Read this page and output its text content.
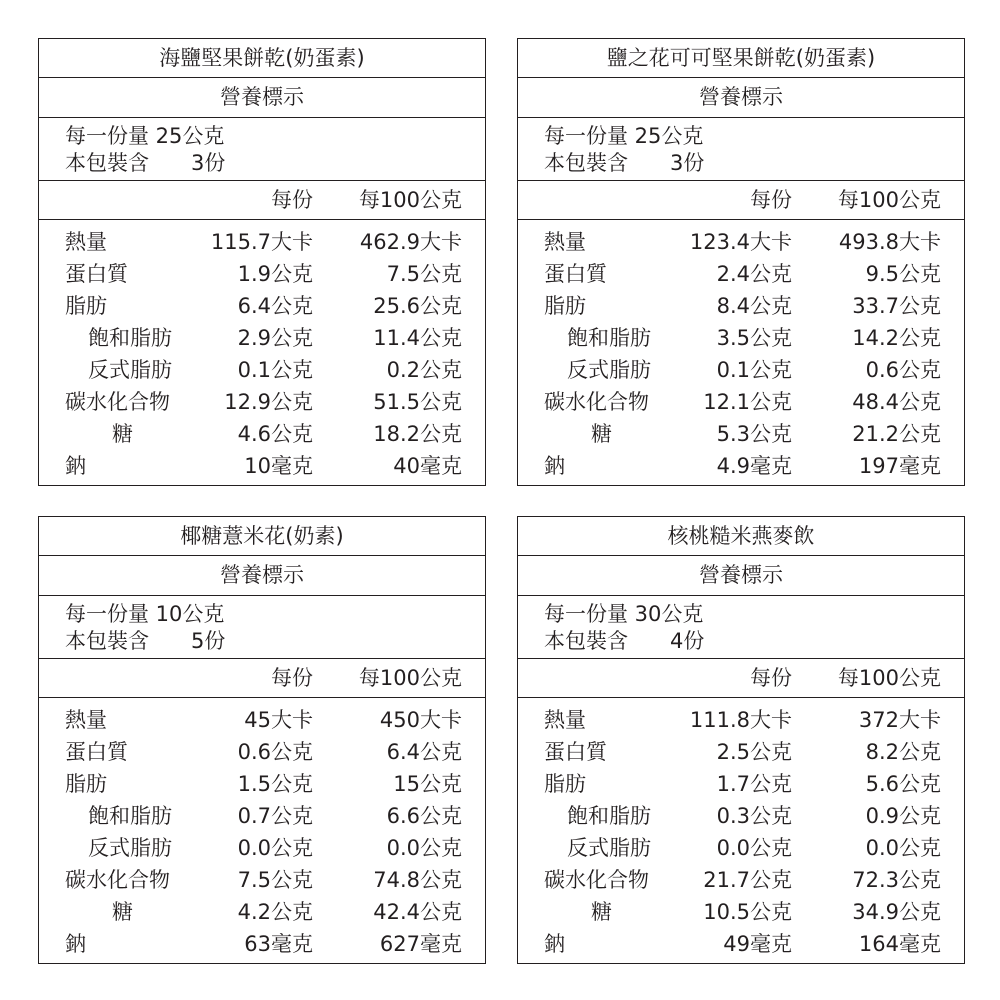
海鹽堅果餅乾(奶蛋素)
營養標示
每一份量 25公克
本包裝含 3份
每份 每100公克
熱量	115.7大卡 462.9大卡
蛋白質	1.9公克	7.5公克
脂肪	6.4公克	25.6公克
飽和脂肪	2.9公克	11.4公克
反式脂肪	0.1公克	0.2公克
碳水化合物	12.9公克	51.5公克
糖	4.6公克	18.2公克
鈉	10毫克	40毫克
鹽之花可可堅果餅乾(奶蛋素)
營養標示
每一份量 25公克
本包裝含 3份
每份 每100公克
熱量	123.4大卡 493.8大卡
蛋白質	2.4公克	9.5公克
脂肪	8.4公克	33.7公克
飽和脂肪	3.5公克	14.2公克
反式脂肪	0.1公克	0.6公克
碳水化合物	12.1公克	48.4公克
糖	5.3公克	21.2公克
鈉	4.9毫克	197毫克
椰糖薏米花(奶素)
營養標示
每一份量 10公克
本包裝含 5份
每份 每100公克
熱量	45大卡	450大卡
蛋白質	0.6公克	6.4公克
脂肪	1.5公克	15公克
飽和脂肪	0.7公克	6.6公克
反式脂肪	0.0公克	0.0公克
碳水化合物	7.5公克	74.8公克
糖	4.2公克	42.4公克
鈉	63毫克	627毫克
核桃糙米燕麥飲
營養標示
每一份量 30公克
本包裝含 4份
每份 每100公克
熱量	111.8大卡	372大卡
蛋白質	2.5公克	8.2公克
脂肪	1.7公克	5.6公克
飽和脂肪	0.3公克	0.9公克
反式脂肪	0.0公克	0.0公克
碳水化合物	21.7公克	72.3公克
糖	10.5公克	34.9公克
鈉	49毫克	164毫克
